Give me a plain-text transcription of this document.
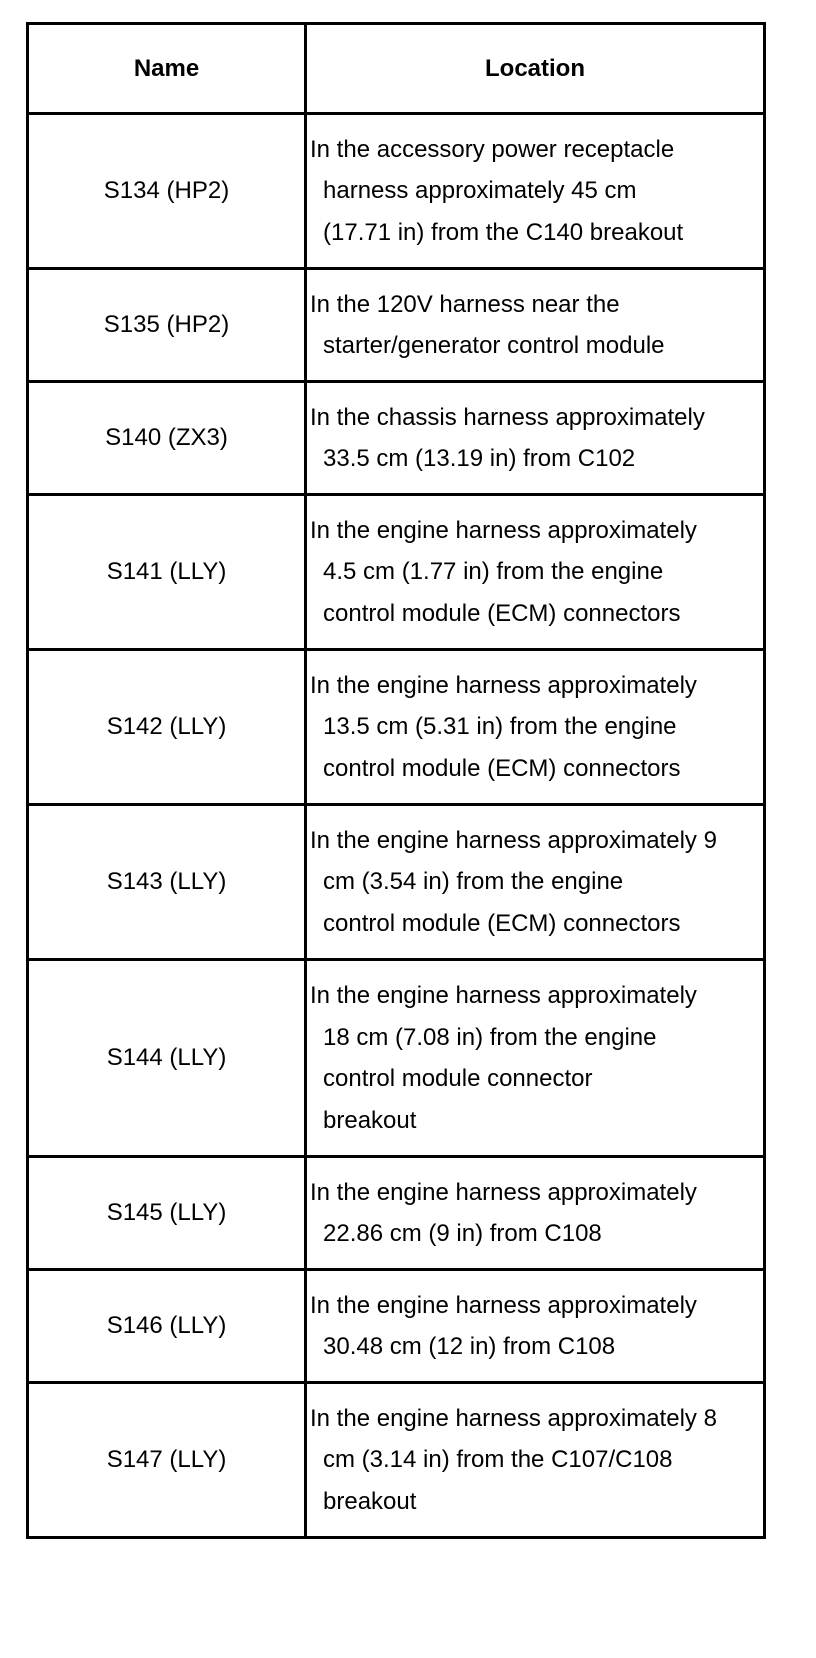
Name	Location
S134 (HP2)	In the accessory power receptacle
harness approximately 45 cm
(17.71 in) from the C140 breakout

S135 (HP2)	In the 120V harness near the
starter/generator control module

S140 (ZX3)	In the chassis harness approximately
33.5 cm (13.19 in) from C102

S141 (LLY)	In the engine harness approximately
4.5 cm (1.77 in) from the engine
control module (ECM) connectors

S142 (LLY)	In the engine harness approximately
13.5 cm (5.31 in) from the engine
control module (ECM) connectors

S143 (LLY)	In the engine harness approximately 9
cm (3.54 in) from the engine
control module (ECM) connectors

S144 (LLY)	In the engine harness approximately
18 cm (7.08 in) from the engine
control module connector
breakout

S145 (LLY)	In the engine harness approximately
22.86 cm (9 in) from C108

S146 (LLY)	In the engine harness approximately
30.48 cm (12 in) from C108

S147 (LLY)	In the engine harness approximately 8
cm (3.14 in) from the C107/C108
breakout
